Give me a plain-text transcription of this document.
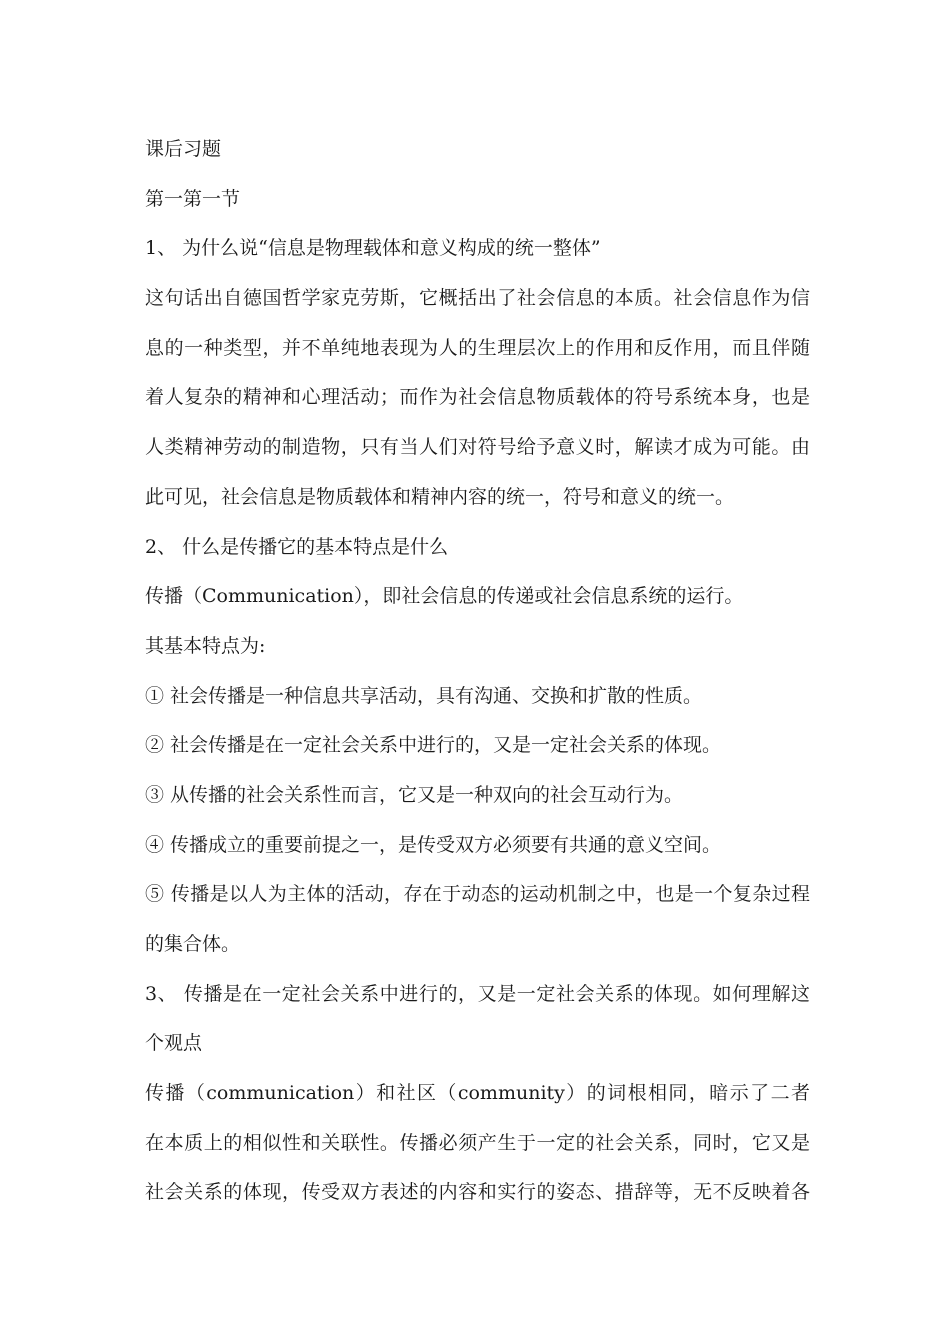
课后习题
第一第一节
1、 为什么说“信息是物理载体和意义构成的统一整体”
这句话出自德国哲学家克劳斯，它概括出了社会信息的本质。社会信息作为信
息的一种类型，并不单纯地表现为人的生理层次上的作用和反作用，而且伴随
着人复杂的精神和心理活动；而作为社会信息物质载体的符号系统本身，也是
人类精神劳动的制造物，只有当人们对符号给予意义时，解读才成为可能。由
此可见，社会信息是物质载体和精神内容的统一，符号和意义的统一。
2、 什么是传播它的基本特点是什么
传播（Communication），即社会信息的传递或社会信息系统的运行。
其基本特点为:
① 社会传播是一种信息共享活动，具有沟通、交换和扩散的性质。
② 社会传播是在一定社会关系中进行的，又是一定社会关系的体现。
③ 从传播的社会关系性而言，它又是一种双向的社会互动行为。
④ 传播成立的重要前提之一，是传受双方必须要有共通的意义空间。
⑤ 传播是以人为主体的活动，存在于动态的运动机制之中，也是一个复杂过程
的集合体。
3、 传播是在一定社会关系中进行的，又是一定社会关系的体现。如何理解这
个观点
传播（communication）和社区（community）的词根相同，暗示了二者
在本质上的相似性和关联性。传播必须产生于一定的社会关系，同时，它又是
社会关系的体现，传受双方表述的内容和实行的姿态、措辞等，无不反映着各
